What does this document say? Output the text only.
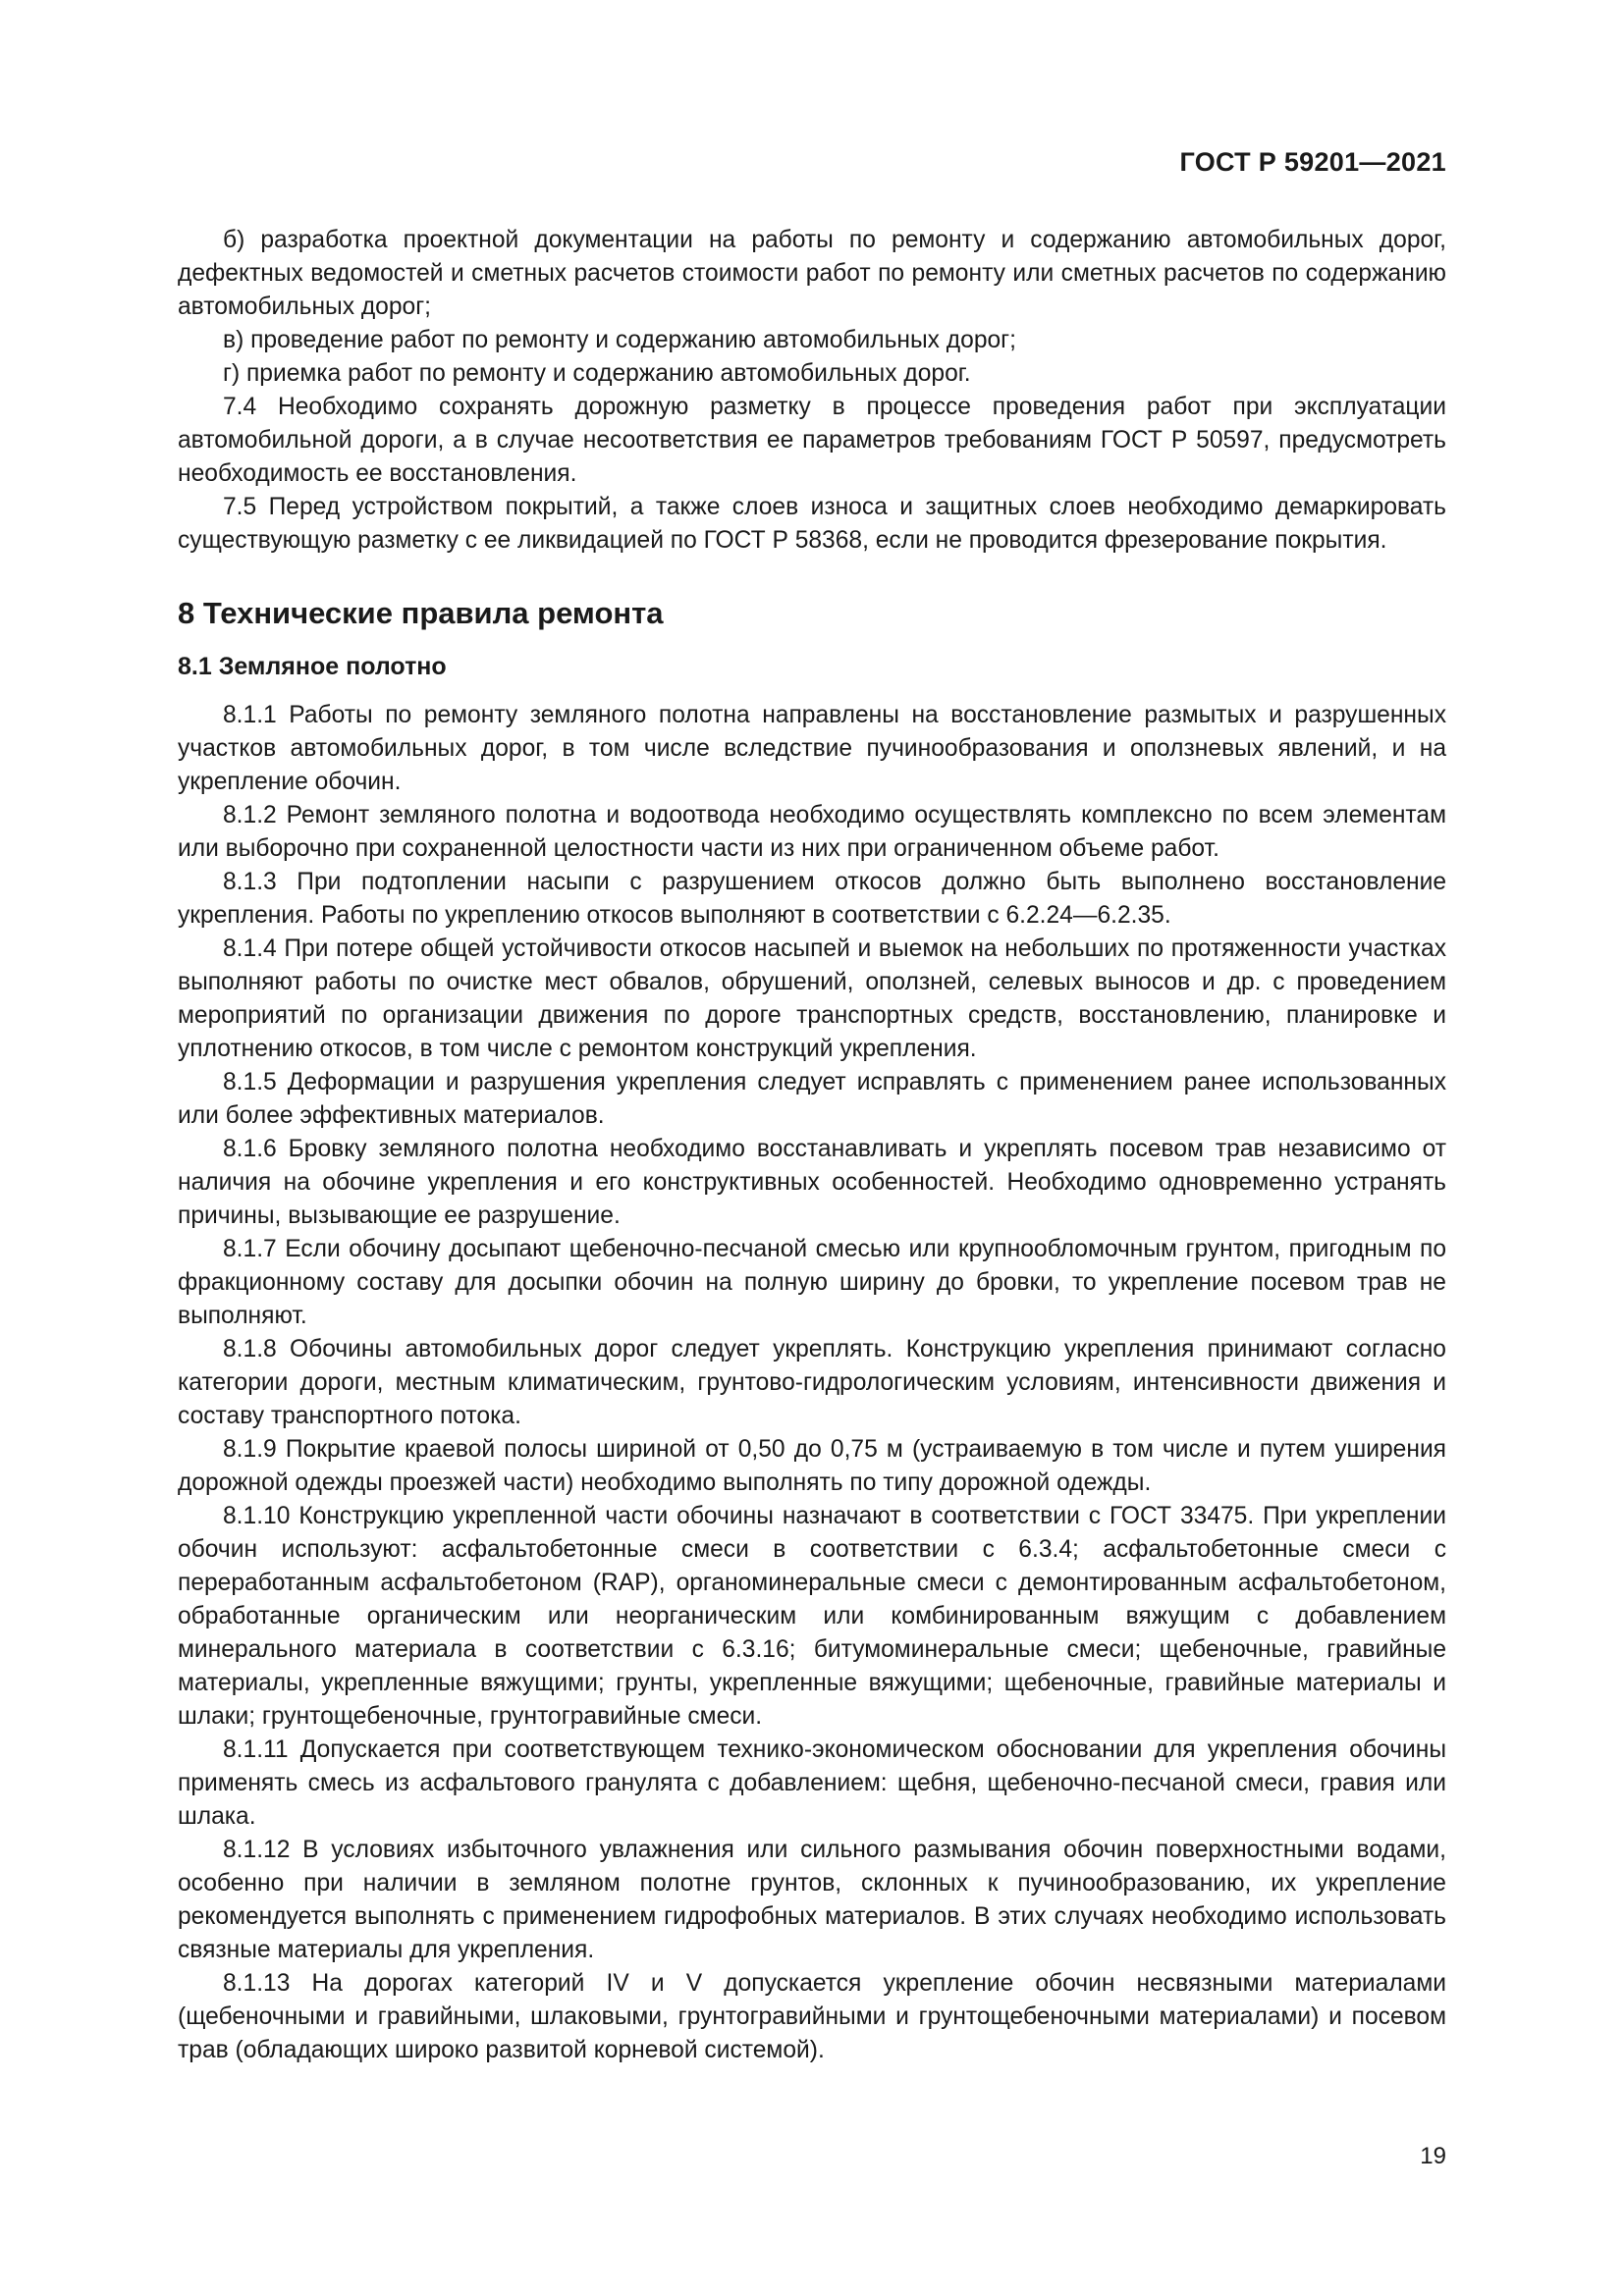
ГОСТ Р 59201—2021

б) разработка проектной документации на работы по ремонту и содержанию автомобильных дорог, дефектных ведомостей и сметных расчетов стоимости работ по ремонту или сметных расчетов по содержанию автомобильных дорог;

в) проведение работ по ремонту и содержанию автомобильных дорог;

г) приемка работ по ремонту и содержанию автомобильных дорог.

7.4 Необходимо сохранять дорожную разметку в процессе проведения работ при эксплуатации автомобильной дороги, а в случае несоответствия ее параметров требованиям ГОСТ Р 50597, предусмотреть необходимость ее восстановления.

7.5 Перед устройством покрытий, а также слоев износа и защитных слоев необходимо демаркировать существующую разметку с ее ликвидацией по ГОСТ Р 58368, если не проводится фрезерование покрытия.

8 Технические правила ремонта
8.1 Земляное полотно

8.1.1 Работы по ремонту земляного полотна направлены на восстановление размытых и разрушенных участков автомобильных дорог, в том числе вследствие пучинообразования и оползневых явлений, и на укрепление обочин.

8.1.2 Ремонт земляного полотна и водоотвода необходимо осуществлять комплексно по всем элементам или выборочно при сохраненной целостности части из них при ограниченном объеме работ.

8.1.3 При подтоплении насыпи с разрушением откосов должно быть выполнено восстановление укрепления. Работы по укреплению откосов выполняют в соответствии с 6.2.24—6.2.35.

8.1.4 При потере общей устойчивости откосов насыпей и выемок на небольших по протяженности участках выполняют работы по очистке мест обвалов, обрушений, оползней, селевых выносов и др. с проведением мероприятий по организации движения по дороге транспортных средств, восстановлению, планировке и уплотнению откосов, в том числе с ремонтом конструкций укрепления.

8.1.5 Деформации и разрушения укрепления следует исправлять с применением ранее использованных или более эффективных материалов.

8.1.6 Бровку земляного полотна необходимо восстанавливать и укреплять посевом трав независимо от наличия на обочине укрепления и его конструктивных особенностей. Необходимо одновременно устранять причины, вызывающие ее разрушение.

8.1.7 Если обочину досыпают щебеночно-песчаной смесью или крупнообломочным грунтом, пригодным по фракционному составу для досыпки обочин на полную ширину до бровки, то укрепление посевом трав не выполняют.

8.1.8 Обочины автомобильных дорог следует укреплять. Конструкцию укрепления принимают согласно категории дороги, местным климатическим, грунтово-гидрологическим условиям, интенсивности движения и составу транспортного потока.

8.1.9 Покрытие краевой полосы шириной от 0,50 до 0,75 м (устраиваемую в том числе и путем уширения дорожной одежды проезжей части) необходимо выполнять по типу дорожной одежды.

8.1.10 Конструкцию укрепленной части обочины назначают в соответствии с ГОСТ 33475. При укреплении обочин используют: асфальтобетонные смеси в соответствии с 6.3.4; асфальтобетонные смеси с переработанным асфальтобетоном (RAP), органоминеральные смеси с демонтированным асфальтобетоном, обработанные органическим или неорганическим или комбинированным вяжущим с добавлением минерального материала в соответствии с 6.3.16; битумоминеральные смеси; щебеночные, гравийные материалы, укрепленные вяжущими; грунты, укрепленные вяжущими; щебеночные, гравийные материалы и шлаки; грунтощебеночные, грунтогравийные смеси.

8.1.11 Допускается при соответствующем технико-экономическом обосновании для укрепления обочины применять смесь из асфальтового гранулята с добавлением: щебня, щебеночно-песчаной смеси, гравия или шлака.

8.1.12 В условиях избыточного увлажнения или сильного размывания обочин поверхностными водами, особенно при наличии в земляном полотне грунтов, склонных к пучинообразованию, их укрепление рекомендуется выполнять с применением гидрофобных материалов. В этих случаях необходимо использовать связные материалы для укрепления.

8.1.13 На дорогах категорий IV и V допускается укрепление обочин несвязными материалами (щебеночными и гравийными, шлаковыми, грунтогравийными и грунтощебеночными материалами) и посевом трав (обладающих широко развитой корневой системой).

19
